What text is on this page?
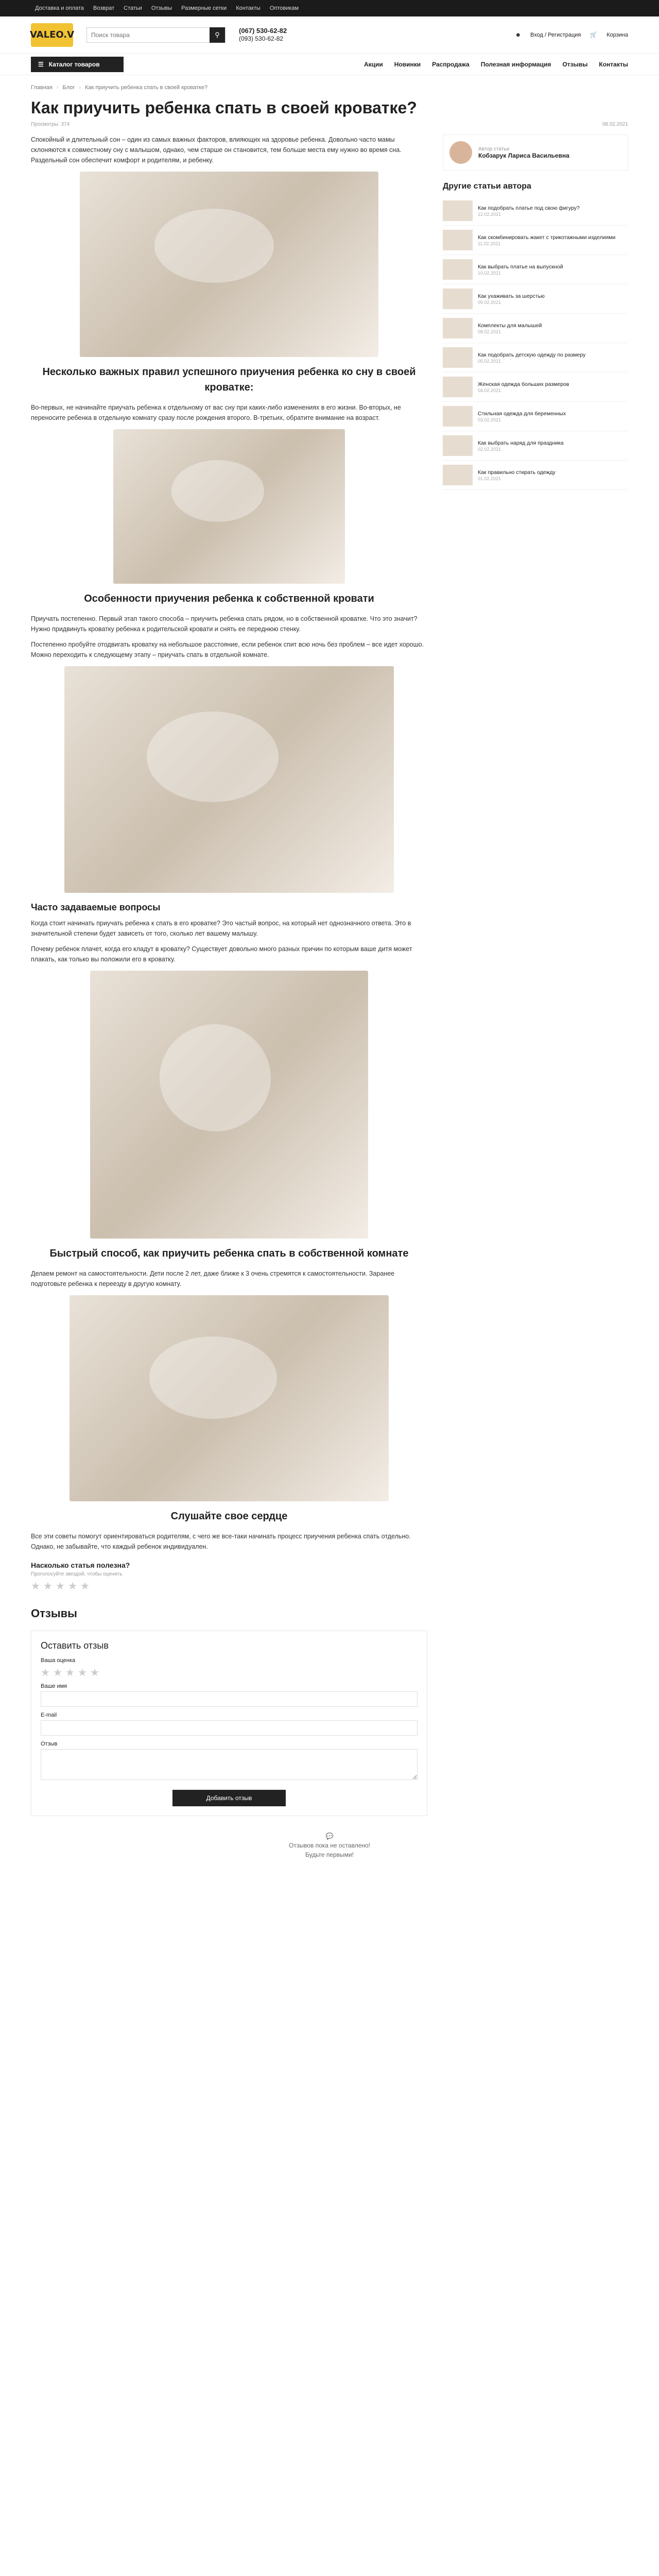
Доставка и оплата Возврат Статьи Отзывы Размерные сетки Контакты Оптовикам
VALEO.V
Поиск товара	⚲	(067) 530-62-82
(093) 530-62-82
☻ Вход / Регистрация 🛒 Корзина
☰ Каталог товаров	Акции Новинки Распродажа Полезная информация Отзывы Контакты
Главная › Блог › Как приучить ребенка спать в своей кроватке?
Как приучить ребенка спать в своей кроватке?
Просмотры: 374	08.02.2021

Спокойный и длительный сон – один из самых важных факторов, влияющих на здоровье ребенка. Довольно часто мамы склоняются к совместному сну с малышом, однако, чем старше он становится, тем больше места ему нужно во время сна. Раздельный сон обеспечит комфорт и родителям, и ребенку.

Несколько важных правил успешного приучения ребенка ко сну в своей кроватке:

Во-первых, не начинайте приучать ребенка к отдельному от вас сну при каких-либо изменениях в его жизни. Во-вторых, не переносите ребенка в отдельную комнату сразу после рождения второго. В-третьих, обратите внимание на возраст.

Особенности приучения ребенка к собственной кровати

Приучать постепенно. Первый этап такого способа – приучить ребенка спать рядом, но в собственной кроватке. Что это значит? Нужно придвинуть кроватку ребенка к родительской кровати и снять ее переднюю стенку.

Постепенно пробуйте отодвигать кроватку на небольшое расстояние, если ребенок спит всю ночь без проблем – все идет хорошо. Можно переходить к следующему этапу – приучать спать в отдельной комнате.

Часто задаваемые вопросы

Когда стоит начинать приучать ребенка к спать в его кроватке? Это частый вопрос, на который нет однозначного ответа. Это в значительной степени будет зависеть от того, сколько лет вашему малышу.

Почему ребенок плачет, когда его кладут в кроватку? Существует довольно много разных причин по которым ваше дитя может плакать, как только вы положили его в кроватку.

Быстрый способ, как приучить ребенка спать в собственной комнате

Делаем ремонт на самостоятельности. Дети после 2 лет, даже ближе к 3 очень стремятся к самостоятельности. Заранее подготовьте ребенка к переезду в другую комнату.

Слушайте свое сердце

Все эти советы помогут ориентироваться родителям, с чего же все-таки начинать процесс приучения ребенка спать отдельно. Однако, не забывайте, что каждый ребенок индивидуален.

Насколько статья полезна?
Проголосуйте звездой, чтобы оценить
★ ★ ★ ★ ★
Автор статьи
Кобзарук Лариса Васильевна
Другие статьи автора
Как подобрать платье под свою фигуру?
12.02.2021
Как скомбинировать жакет с трикотажными изделиями
11.02.2021
Как выбрать платье на выпускной
10.02.2021
Как ухаживать за шерстью
09.02.2021
Комплекты для малышей
08.02.2021
Как подобрать детскую одежду по размеру
05.02.2021
Женская одежда больших размеров
04.02.2021
Стильная одежда для беременных
03.02.2021
Как выбрать наряд для праздника
02.02.2021
Как правильно стирать одежду
01.02.2021
Отзывы
Оставить отзыв
Ваша оценка
★ ★ ★ ★ ★
Ваше имя
E-mail
Отзыв
Добавить отзыв
💬
Отзывов пока не оставлено!
Будьте первыми!
